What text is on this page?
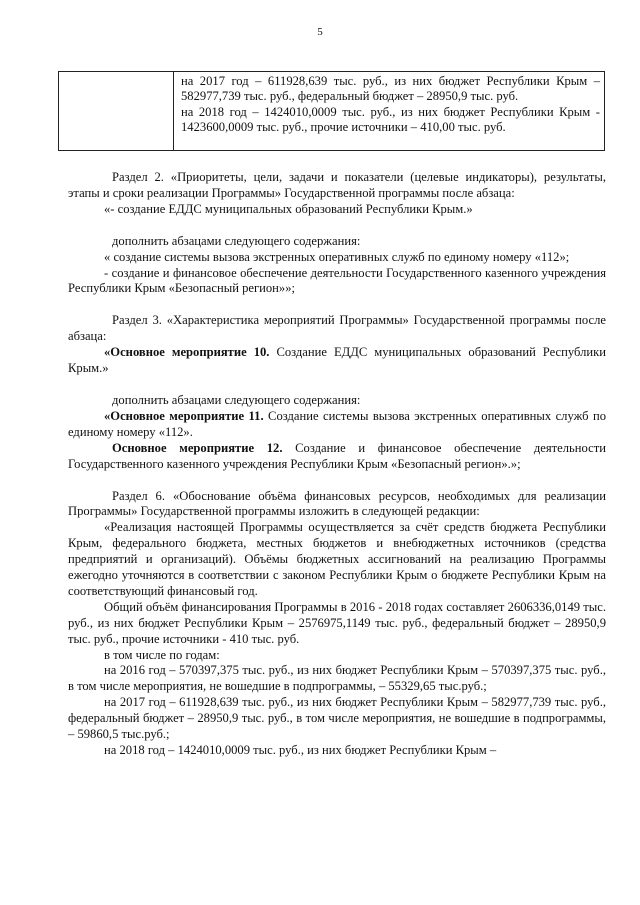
5

на 2017 год – 611928,639 тыс. руб., из них бюджет Республики Крым – 582977,739 тыс. руб., федеральный бюджет – 28950,9 тыс. руб.

на 2018 год – 1424010,0009 тыс. руб., из них бюджет Республики Крым - 1423600,0009 тыс. руб., прочие источники – 410,00 тыс. руб.

Раздел 2. «Приоритеты, цели, задачи и показатели (целевые индикаторы), результаты, этапы и сроки реализации Программы» Государственной программы после абзаца:

«- создание ЕДДС муниципальных образований Республики Крым.»

дополнить абзацами следующего содержания:

« создание системы вызова экстренных оперативных служб по единому номеру «112»;

- создание и финансовое обеспечение деятельности Государственного казенного учреждения Республики Крым «Безопасный регион»»;

Раздел 3. «Характеристика мероприятий Программы» Государственной программы после абзаца:

«Основное мероприятие 10. Создание ЕДДС муниципальных образований Республики Крым.»

дополнить абзацами следующего содержания:

«Основное мероприятие 11. Создание системы вызова экстренных оперативных служб по единому номеру «112».

Основное мероприятие 12. Создание и финансовое обеспечение деятельности Государственного казенного учреждения Республики Крым «Безопасный регион».»;

Раздел 6. «Обоснование объёма финансовых ресурсов, необходимых для реализации Программы» Государственной программы изложить в следующей редакции:

«Реализация настоящей Программы осуществляется за счёт средств бюджета Республики Крым, федерального бюджета, местных бюджетов и внебюджетных источников (средства предприятий и организаций). Объёмы бюджетных ассигнований на реализацию Программы ежегодно уточняются в соответствии с законом Республики Крым о бюджете Республики Крым на соответствующий финансовый год.

Общий объём финансирования Программы в 2016 - 2018 годах составляет 2606336,0149 тыс. руб., из них бюджет Республики Крым – 2576975,1149 тыс. руб., федеральный бюджет – 28950,9 тыс. руб., прочие источники - 410 тыс. руб.

в том числе по годам:

на 2016 год – 570397,375 тыс. руб., из них бюджет Республики Крым – 570397,375 тыс. руб., в том числе мероприятия, не вошедшие в подпрограммы, – 55329,65 тыс.руб.;

на 2017 год – 611928,639 тыс. руб., из них бюджет Республики Крым – 582977,739 тыс. руб., федеральный бюджет – 28950,9 тыс. руб., в том числе мероприятия, не вошедшие в подпрограммы, – 59860,5 тыс.руб.;

на 2018 год – 1424010,0009 тыс. руб., из них бюджет Республики Крым –
